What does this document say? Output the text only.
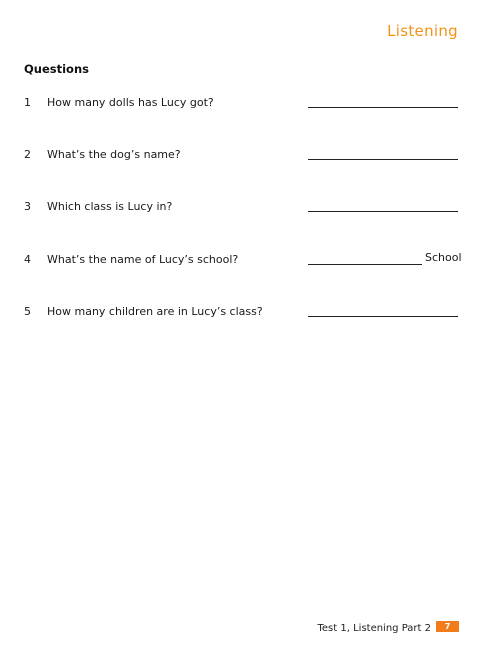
Listening
Questions
1 How many dolls has Lucy got?
2 What’s the dog’s name?
3 Which class is Lucy in?
4 What’s the name of Lucy’s school?	School
5 How many children are in Lucy’s class?
Test 1, Listening Part 2	7
